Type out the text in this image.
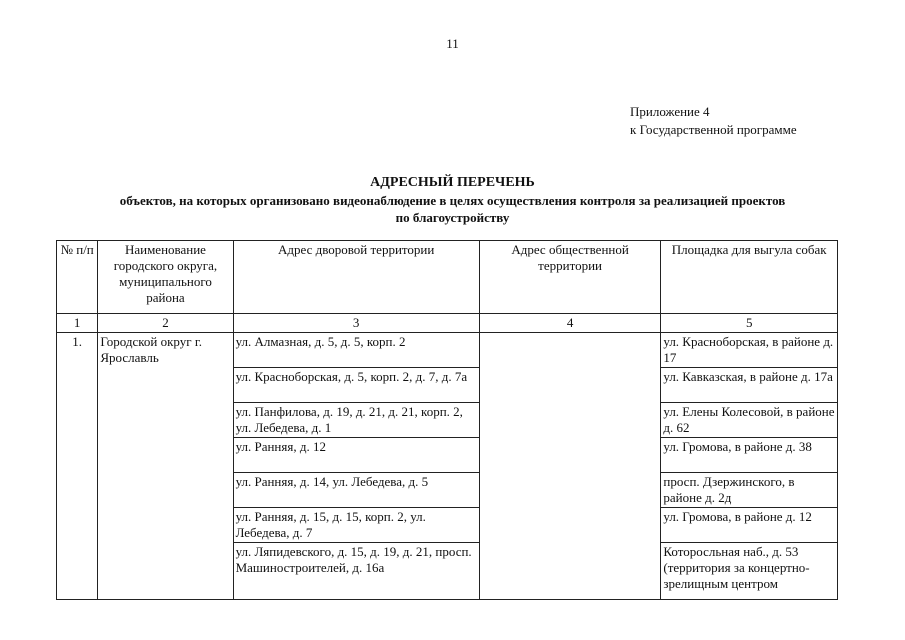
11
Приложение 4
к Государственной программе
АДРЕСНЫЙ ПЕРЕЧЕНЬ
объектов, на которых организовано видеонаблюдение в целях осуществления контроля за реализацией проектов
по благоустройству
№ п/п	Наименование городского округа, муниципального района	Адрес дворовой территории	Адрес общественной территории	Площадка для выгула собак
1	2	3	4	5
1.	Городской округ г. Ярославль	ул. Алмазная, д. 5, д. 5, корп. 2		ул. Красноборская, в районе д. 17
		ул. Красноборская, д. 5, корп. 2, д. 7, д. 7а		ул. Кавказская, в районе д. 17а
		ул. Панфилова, д. 19, д. 21, д. 21, корп. 2, ул. Лебедева, д. 1		ул. Елены Колесовой, в районе д. 62
		ул. Ранняя, д. 12		ул. Громова, в районе д. 38
		ул. Ранняя, д. 14, ул. Лебедева, д. 5		просп. Дзержинского, в районе д. 2д
		ул. Ранняя, д. 15, д. 15, корп. 2, ул. Лебедева, д. 7		ул. Громова, в районе д. 12
		ул. Ляпидевского, д. 15, д. 19, д. 21, просп. Машиностроителей, д. 16а		Которосльная наб., д. 53 (территория за концертно-зрелищным центром
